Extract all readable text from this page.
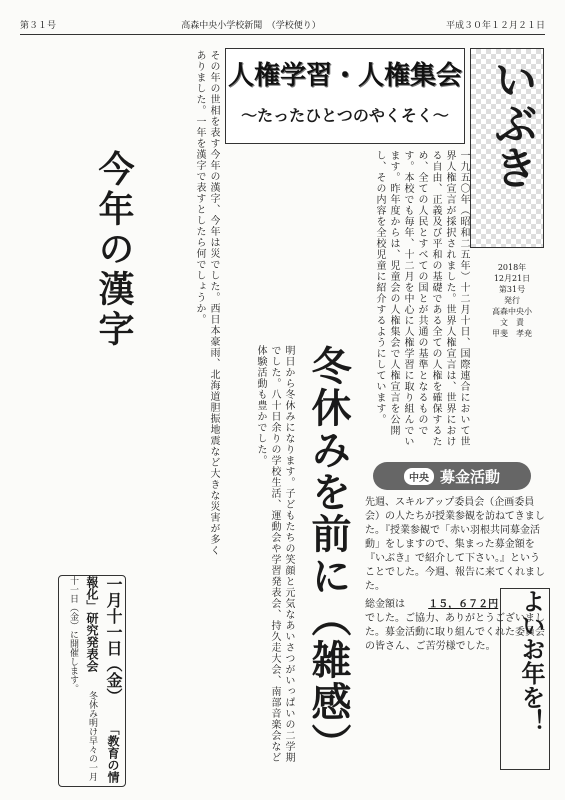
第３１号	高森中央小学校新聞　（学校便り）	平成３０年１２月２１日
人権学習・人権集会
〜たったひとつのやくそく〜 いぶき
2018年
12月21日
第31号
発行
高森中央小
文　責
甲斐　孝尭
一九五〇年（昭和二五年）十二月十日、国際連合において世界人権宣言が採択されました。世界人権宣言は、世界における自由、正義及び平和の基礎である全ての人権を確保するため、全ての人民とすべての国とが共通の基準となるものです。本校でも毎年、十二月を中心に人権学習に取り組んでいます。昨年度からは、児童会の人権集会で人権宣言を公開し、その内容を全校児童に紹介するようにしています。
今年の漢字	その年の世相を表す今年の漢字、今年は災でした。西日本豪雨、北海道胆振地震など大きな災害が多くありました。一年を漢字で表すとしたら何でしょうか。
冬休みを前に（雑感）
明日から冬休みになります。子どもたちの笑顔と元気なあいさつがいっぱいの二学期でした。八十日余りの学校生活、運動会や学習発表会、持久走大会、南部音楽会など体験活動も豊かでした。
中央 募金活動
先週、スキルアップ委員会（企画委員会）の人たちが授業参観を訪ねてきました。『授業参観で「赤い羽根共同募金活動」をしますので、集まった募金額を『いぶき』で紹介して下さい。』ということでした。今週、報告に来てくれました。
総金額は １５，６７２円
でした。ご協力、ありがとうございました。募金活動に取り組んでくれた委員会の皆さん、ご苦労様でした。 よいお年を！
一月十一日（金） 「教育の情報化」研究発表会 冬休み明け早々の一月十一日（金）に開催します。
